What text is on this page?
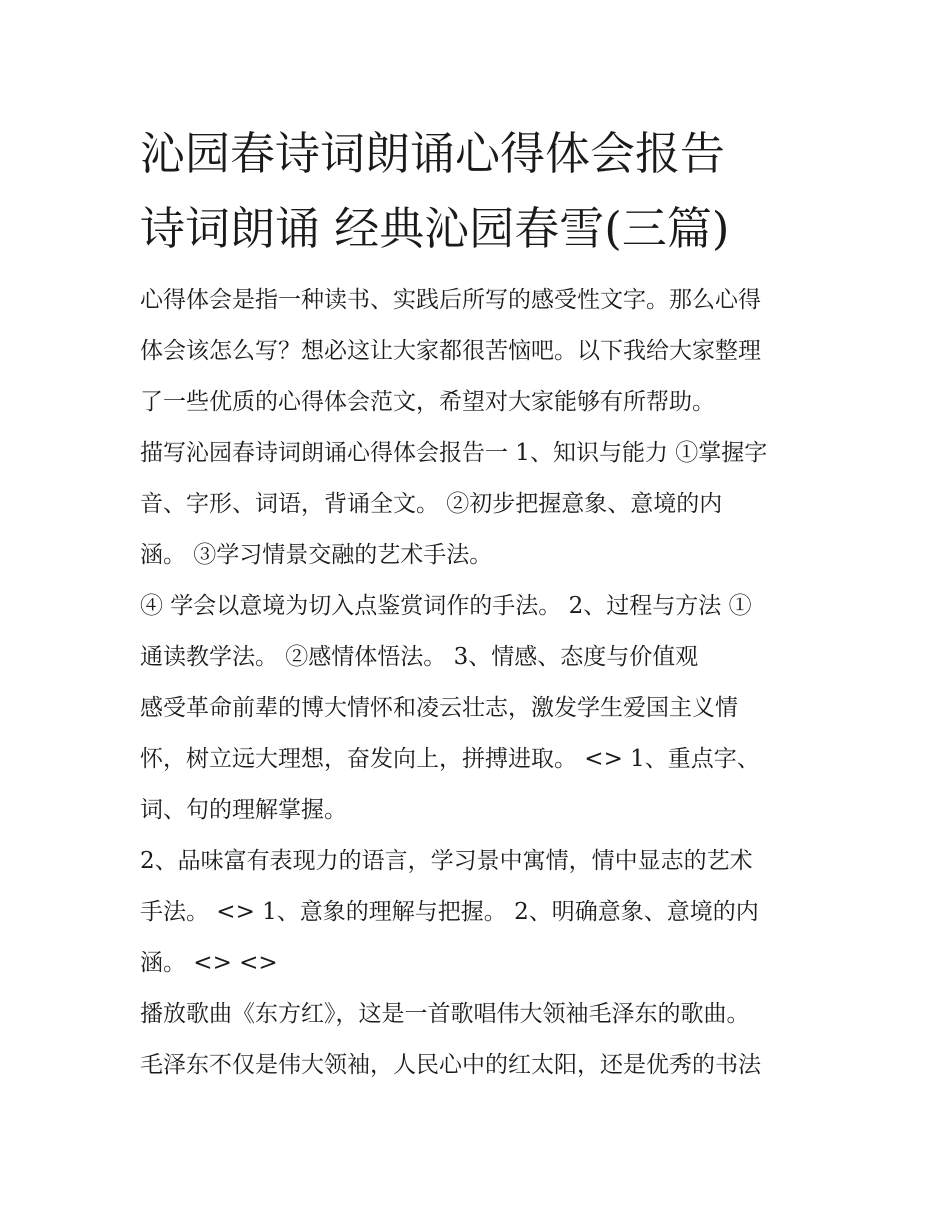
沁园春诗词朗诵心得体会报告
诗词朗诵 经典沁园春雪(三篇)
心得体会是指一种读书、实践后所写的感受性文字。那么心得
体会该怎么写？想必这让大家都很苦恼吧。以下我给大家整理
了一些优质的心得体会范文，希望对大家能够有所帮助。
描写沁园春诗词朗诵心得体会报告一 1、知识与能力 ①掌握字
音、字形、词语，背诵全文。 ②初步把握意象、意境的内
涵。 ③学习情景交融的艺术手法。
④ 学会以意境为切入点鉴赏词作的手法。 2、过程与方法 ①
通读教学法。 ②感情体悟法。 3、情感、态度与价值观
感受革命前辈的博大情怀和凌云壮志，激发学生爱国主义情
怀，树立远大理想，奋发向上，拼搏进取。 <> 1、重点字、
词、句的理解掌握。
2、品味富有表现力的语言，学习景中寓情，情中显志的艺术
手法。 <> 1、意象的理解与把握。 2、明确意象、意境的内
涵。 <> <>
播放歌曲《东方红》，这是一首歌唱伟大领袖毛泽东的歌曲。
毛泽东不仅是伟大领袖，人民心中的红太阳，还是优秀的书法
